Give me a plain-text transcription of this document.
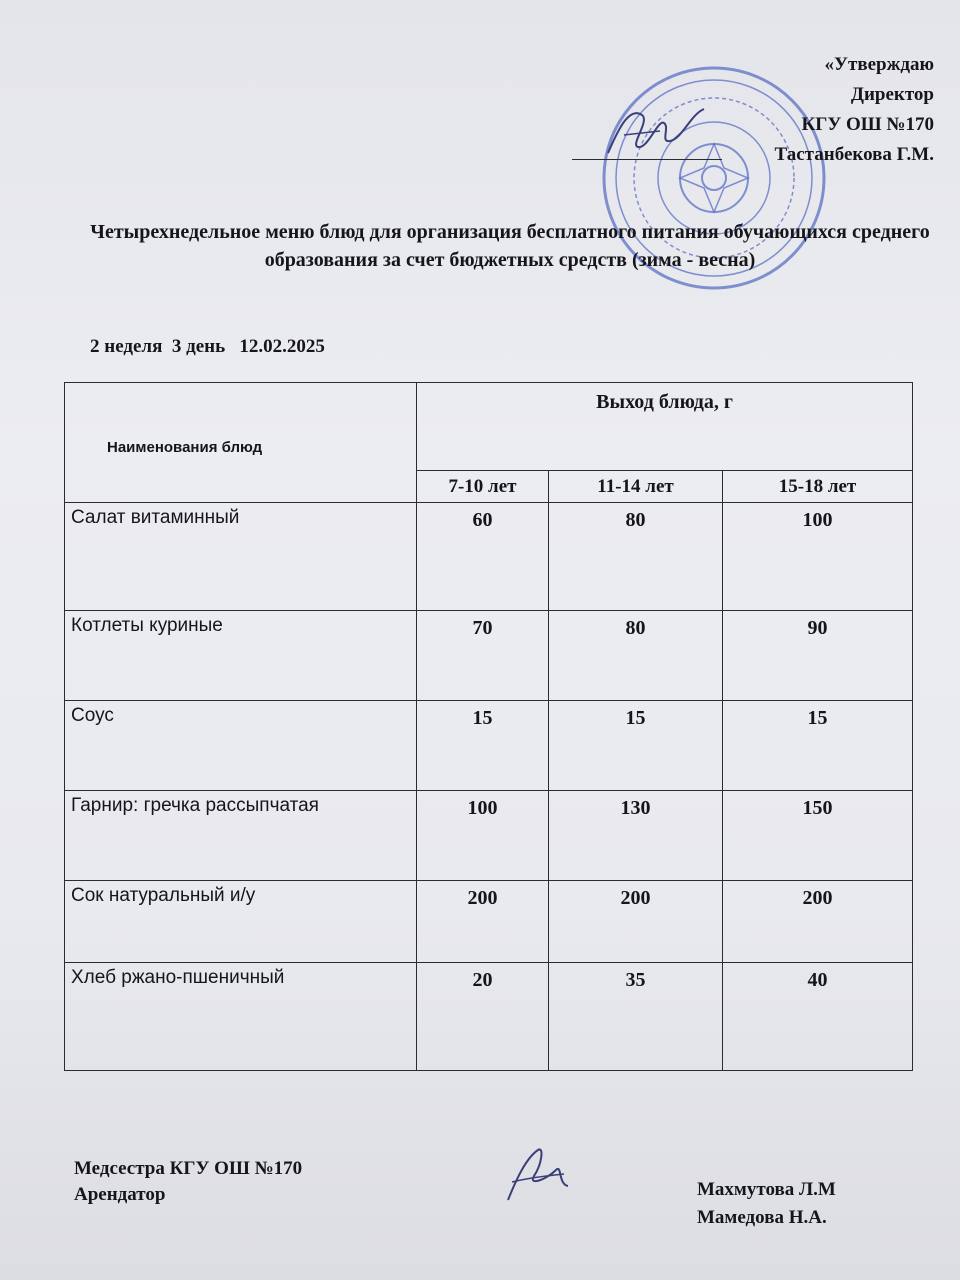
«Утверждаю
Директор
КГУ ОШ №170
Тастанбекова Г.М.
Четырехнедельное меню блюд для организация бесплатного питания обучающихся среднего образования за счет бюджетных средств (зима - весна)
2 неделя  3 день   12.02.2025
Наименования блюд	Выход блюда, г		
	7-10 лет	11-14 лет	15-18 лет
Салат витаминный	60	80	100
Котлеты куриные	70	80	90
Соус	15	15	15
Гарнир: гречка рассыпчатая	100	130	150
Сок натуральный и/у	200	200	200
Хлеб ржано-пшеничный	20	35	40
Медсестра КГУ ОШ №170
Арендатор	Махмутова Л.М
Мамедова Н.А.
